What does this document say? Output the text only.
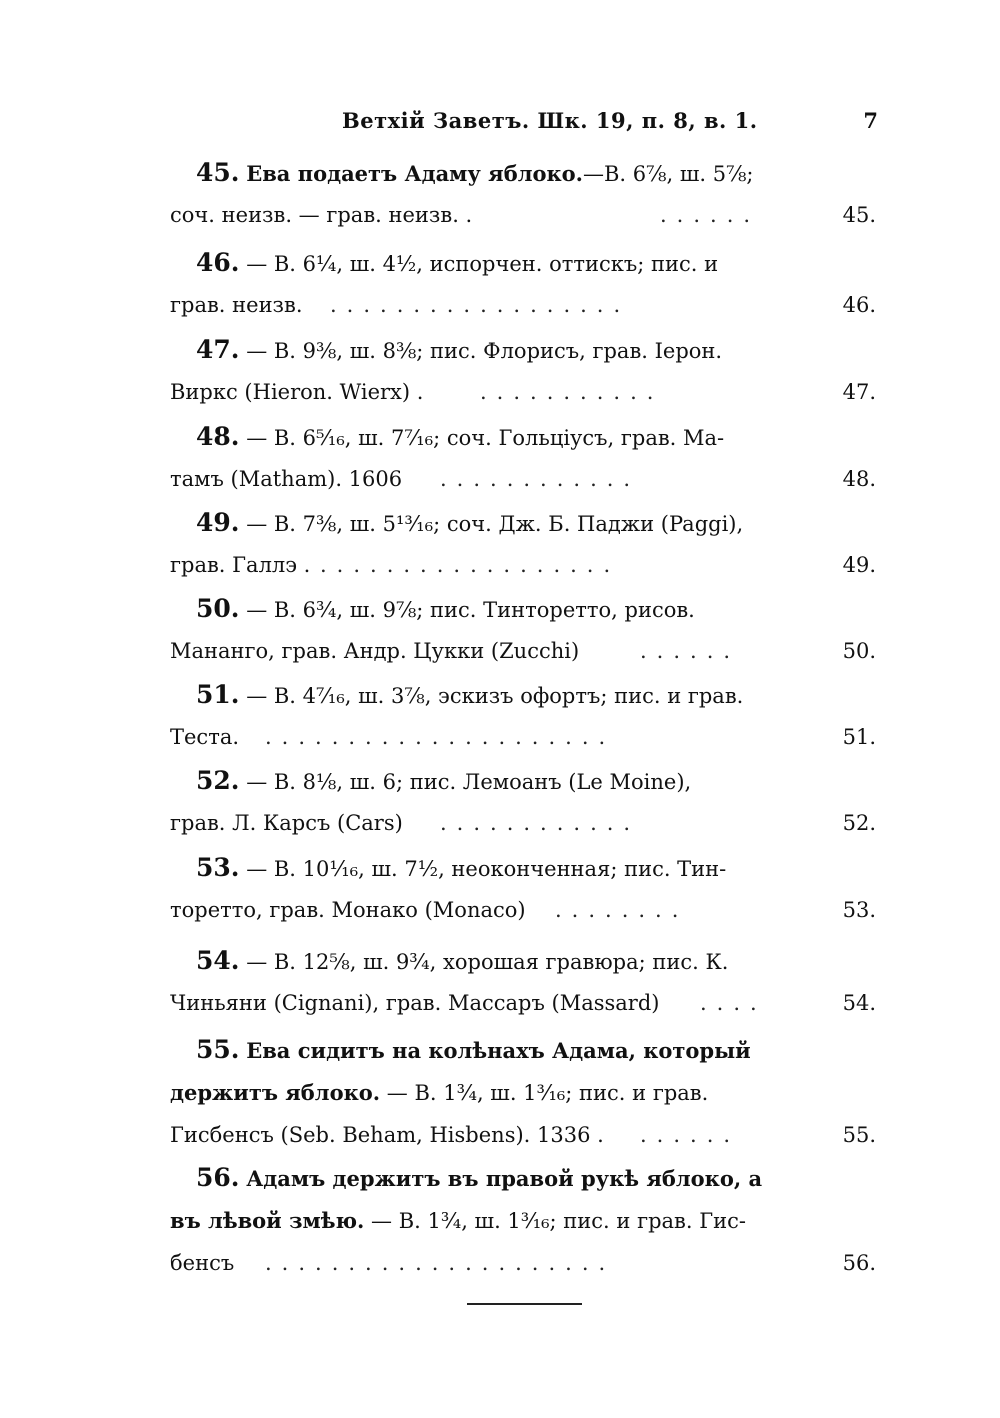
Ветхій Заветъ. Шк. 19, п. 8, в. 1.	7
45. Ева подаетъ Адаму яблоко.—В. 6⅞, ш. 5⅞;
соч. неизв. — грав. неизв. .	......	45.
46. — В. 6¼, ш. 4½, испорчен. оттискъ; пис. и
грав. неизв. ..................	46.
47. — В. 9⅜, ш. 8⅜; пис. Флорисъ, грав. Іерон.
Виркс (Hieron. Wierx) .	...........	47.
48. — В. 6⁵⁄₁₆, ш. 7⁷⁄₁₆; соч. Гольціусъ, грав. Ма-
тамъ (Matham). 1606 ............	48.
49. — В. 7⅜, ш. 5¹³⁄₁₆; соч. Дж. Б. Паджи (Paggi),
грав. Галлэ . ..................	49.
50. — В. 6¾, ш. 9⅞; пис. Тинторетто, рисов.
Мананго, грав. Андр. Цукки (Zucchi)	......	50.
51. — В. 4⁷⁄₁₆, ш. 3⅞, эскизъ офортъ; пис. и грав.
Теста. .....................	51.
52. — В. 8⅛, ш. 6; пис. Лемоанъ (Le Moine),
грав. Л. Карсъ (Cars) ............	52.
53. — В. 10¹⁄₁₆, ш. 7½, неоконченная; пис. Тин-
торетто, грав. Монако (Monaco) ........	53.
54. — В. 12⅝, ш. 9¾, хорошая гравюра; пис. К.
Чиньяни (Cignani), грав. Массаръ (Massard) ....	54.
55. Ева сидитъ на колѣнахъ Адама, который
держитъ яблоко. — В. 1¾, ш. 1³⁄₁₆; пис. и грав.
Гисбенсъ (Seb. Beham, Hisbens). 1336 . ......	55.
56. Адамъ держитъ въ правой рукѣ яблоко, а
въ лѣвой змѣю. — В. 1¾, ш. 1³⁄₁₆; пис. и грав. Гис-
бенсъ .....................	56.
